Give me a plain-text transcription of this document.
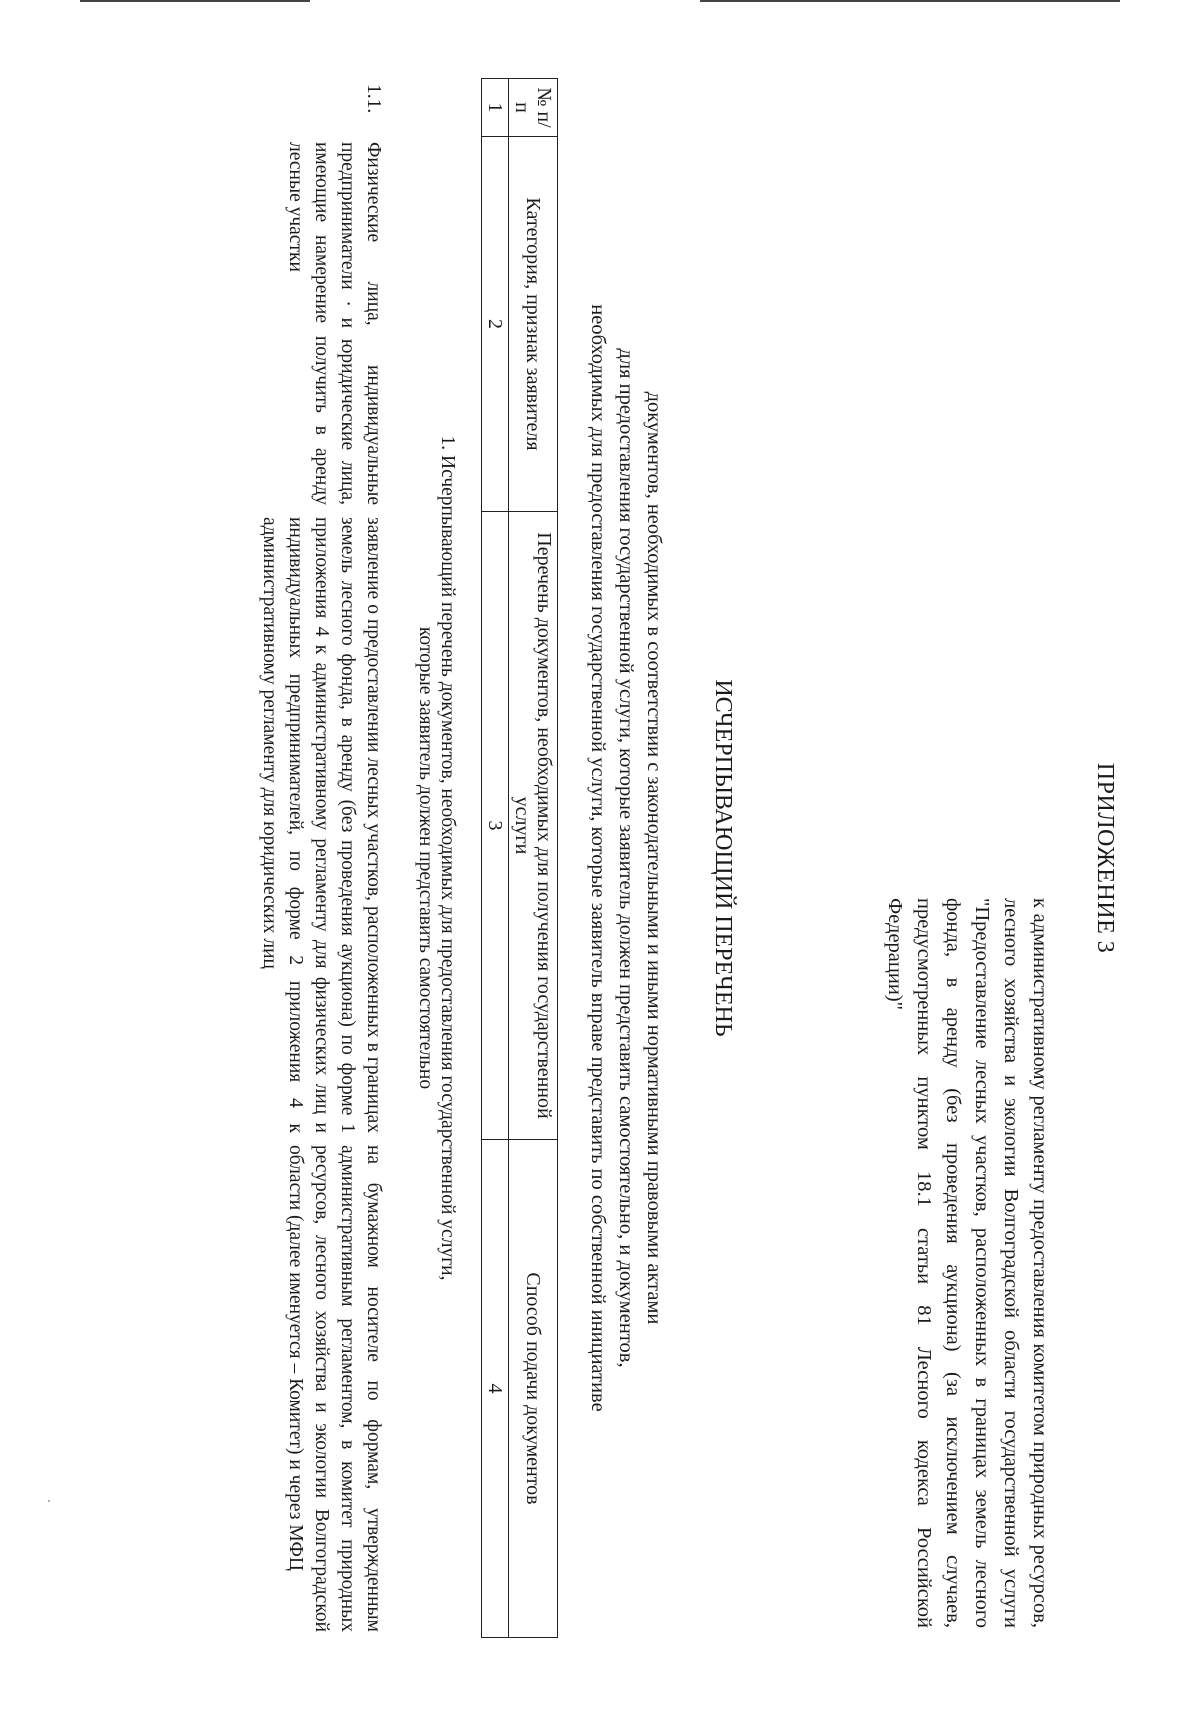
ПРИЛОЖЕНИЕ 3
к административному регламенту предоставления комитетом природных ресурсов, лесного хозяйства и экологии Волгоградской области государственной услуги "Предоставление лесных участков, расположенных в границах земель лесного фонда, в аренду (без проведения аукциона) (за исключением случаев, предусмотренных пунктом 18.1 статьи 81 Лесного кодекса Российской Федерации)"
ИСЧЕРПЫВАЮЩИЙ ПЕРЕЧЕНЬ
документов, необходимых в соответствии с законодательными и иными нормативными правовыми актами
для предоставления государственной услуги, которые заявитель должен представить самостоятельно, и документов,
необходимых для предоставления государственной услуги, которые заявитель вправе представить по собственной инициативе
№ п/п	Категория, признак заявителя	Перечень документов, необходимых для получения государственной услуги	Способ подачи документов
1	2	3	4
1. Исчерпывающий перечень документов, необходимых для предоставления государственной услуги,
которые заявитель должен представить самостоятельно
1.1.	Физические лица, индивидуальные предприниматели · и юридические лица, имеющие намерение получить в аренду лесные участки	заявление о предоставлении лесных участков, расположенных в границах земель лесного фонда, в аренду (без проведения аукциона) по форме 1 приложения 4 к административному регламенту для физических лиц и индивидуальных предпринимателей, по форме 2 приложения 4 к административному регламенту для юридических лиц	на бумажном носителе по формам, утвержденным административным регламентом, в комитет природных ресурсов, лесного хозяйства и экологии Волгоградской области (далее именуется – Комитет) и через МФЦ
